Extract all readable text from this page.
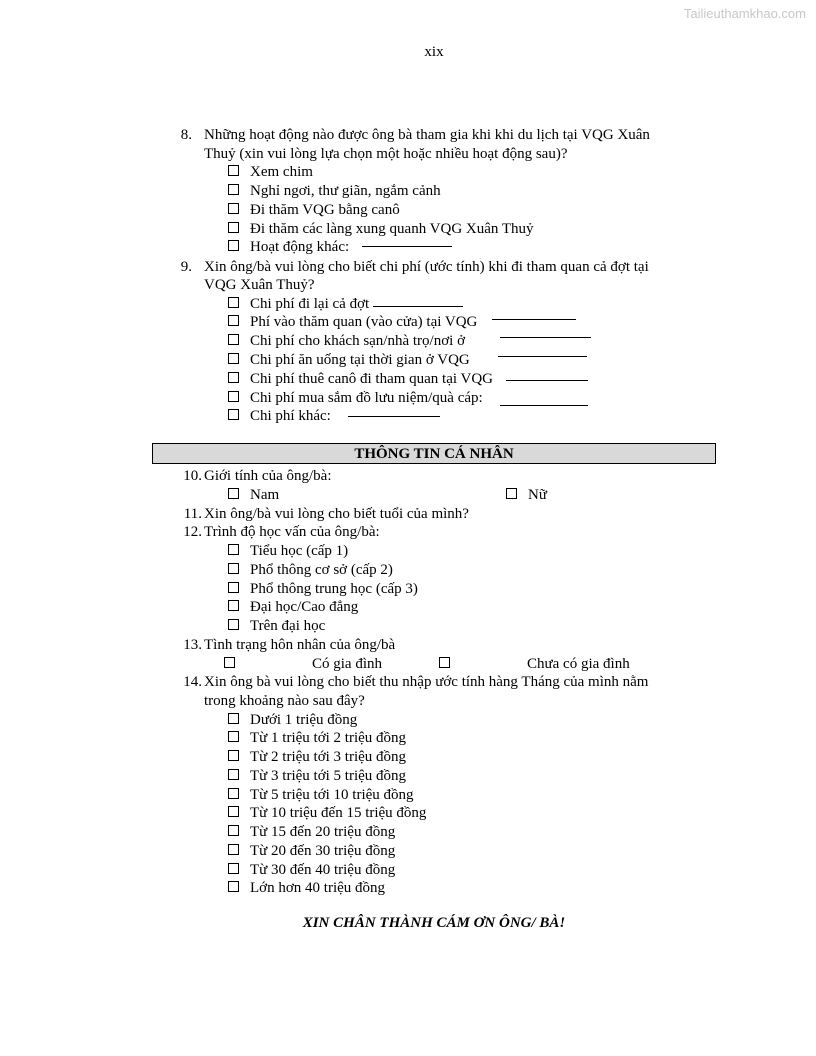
Tailieuthamkhao.com
xix
8. Những hoạt động nào được ông bà tham gia khi khi du lịch tại VQG Xuân
Thuỷ (xin vui lòng lựa chọn một hoặc nhiều hoạt động sau)?
Xem chim
Nghỉ ngơi, thư giãn, ngắm cảnh
Đi thăm VQG bằng canô
Đi thăm các làng xung quanh VQG Xuân Thuỷ
Hoạt động khác:
9. Xin ông/bà vui lòng cho biết chi phí (ước tính) khi đi tham quan cả đợt tại
VQG Xuân Thuỷ?
Chi phí đi lại cả đợt
Phí vào thăm quan (vào cửa) tại VQG
Chi phí cho khách sạn/nhà trọ/nơi ở
Chi phí ăn uống tại thời gian ở VQG
Chi phí thuê canô đi tham quan tại VQG
Chi phí mua sắm đồ lưu niệm/quà cáp:
Chi phí khác:
THÔNG TIN CÁ NHÂN
10. Giới tính của ông/bà:
Nam	Nữ
11. Xin ông/bà vui lòng cho biết tuổi của mình?
12. Trình độ học vấn của ông/bà:
Tiểu học (cấp 1)
Phổ thông cơ sở (cấp 2)
Phổ thông trung học (cấp 3)
Đại học/Cao đẳng
Trên đại học
13. Tình trạng hôn nhân của ông/bà
Có gia đình	Chưa có gia đình
14. Xin ông bà vui lòng cho biết thu nhập ước tính hàng Tháng của mình nằm
trong khoảng nào sau đây?
Dưới 1 triệu đồng
Từ 1 triệu tới 2 triệu đồng
Từ 2 triệu tới 3 triệu đồng
Từ 3 triệu tới 5 triệu đồng
Từ 5 triệu tới 10 triệu đồng
Từ 10 triệu đến 15 triệu đồng
Từ 15 đến 20 triệu đồng
Từ 20 đến 30 triệu đồng
Từ 30 đến 40 triệu đồng
Lớn hơn 40 triệu đồng
XIN CHÂN THÀNH CÁM ƠN ÔNG/ BÀ!
